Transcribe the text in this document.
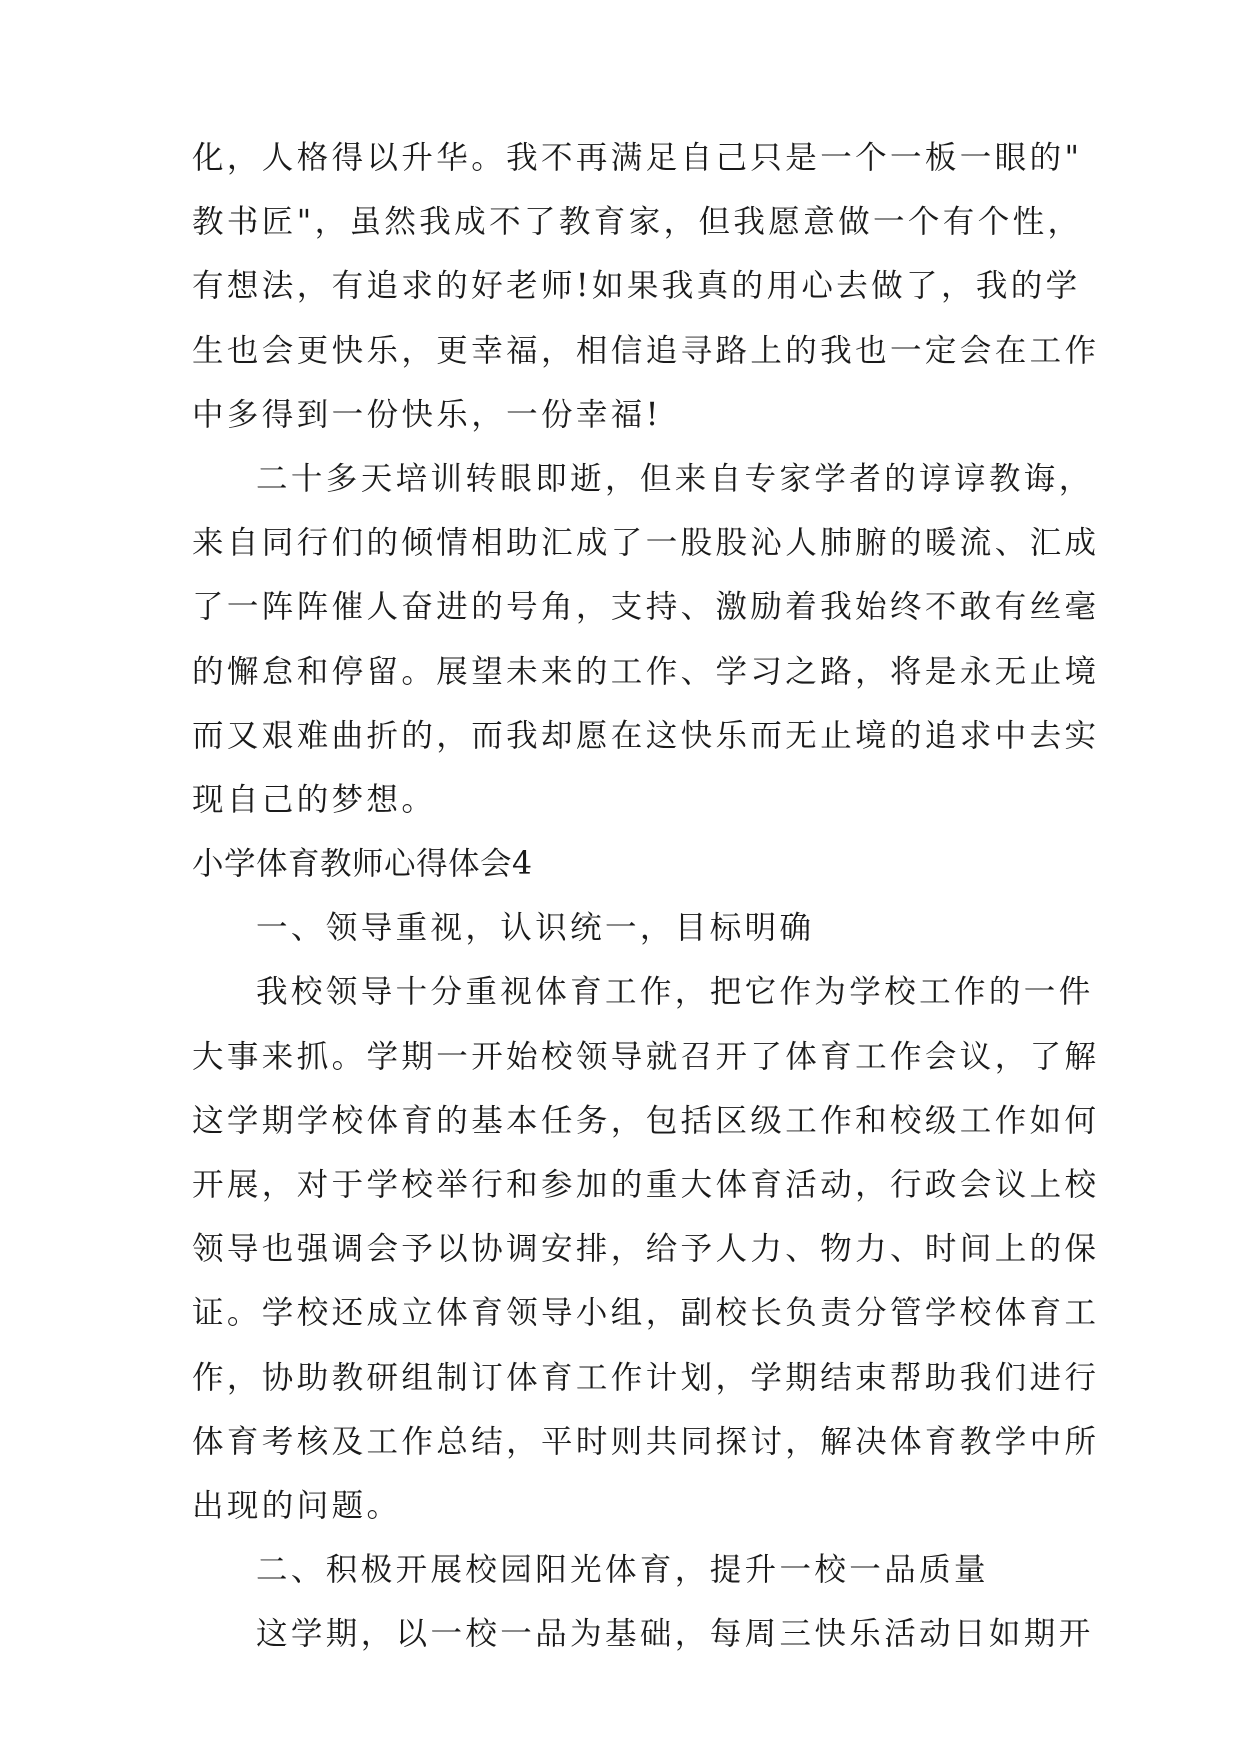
化，人格得以升华。我不再满足自己只是一个一板一眼的"
教书匠"，虽然我成不了教育家，但我愿意做一个有个性，
有想法，有追求的好老师!如果我真的用心去做了，我的学
生也会更快乐，更幸福，相信追寻路上的我也一定会在工作
中多得到一份快乐，一份幸福!
二十多天培训转眼即逝，但来自专家学者的谆谆教诲，
来自同行们的倾情相助汇成了一股股沁人肺腑的暖流、汇成
了一阵阵催人奋进的号角，支持、激励着我始终不敢有丝毫
的懈怠和停留。展望未来的工作、学习之路，将是永无止境
而又艰难曲折的，而我却愿在这快乐而无止境的追求中去实
现自己的梦想。
小学体育教师心得体会4
一、领导重视，认识统一，目标明确
我校领导十分重视体育工作，把它作为学校工作的一件
大事来抓。学期一开始校领导就召开了体育工作会议，了解
这学期学校体育的基本任务，包括区级工作和校级工作如何
开展，对于学校举行和参加的重大体育活动，行政会议上校
领导也强调会予以协调安排，给予人力、物力、时间上的保
证。学校还成立体育领导小组，副校长负责分管学校体育工
作，协助教研组制订体育工作计划，学期结束帮助我们进行
体育考核及工作总结，平时则共同探讨，解决体育教学中所
出现的问题。
二、积极开展校园阳光体育，提升一校一品质量
这学期，以一校一品为基础，每周三快乐活动日如期开
